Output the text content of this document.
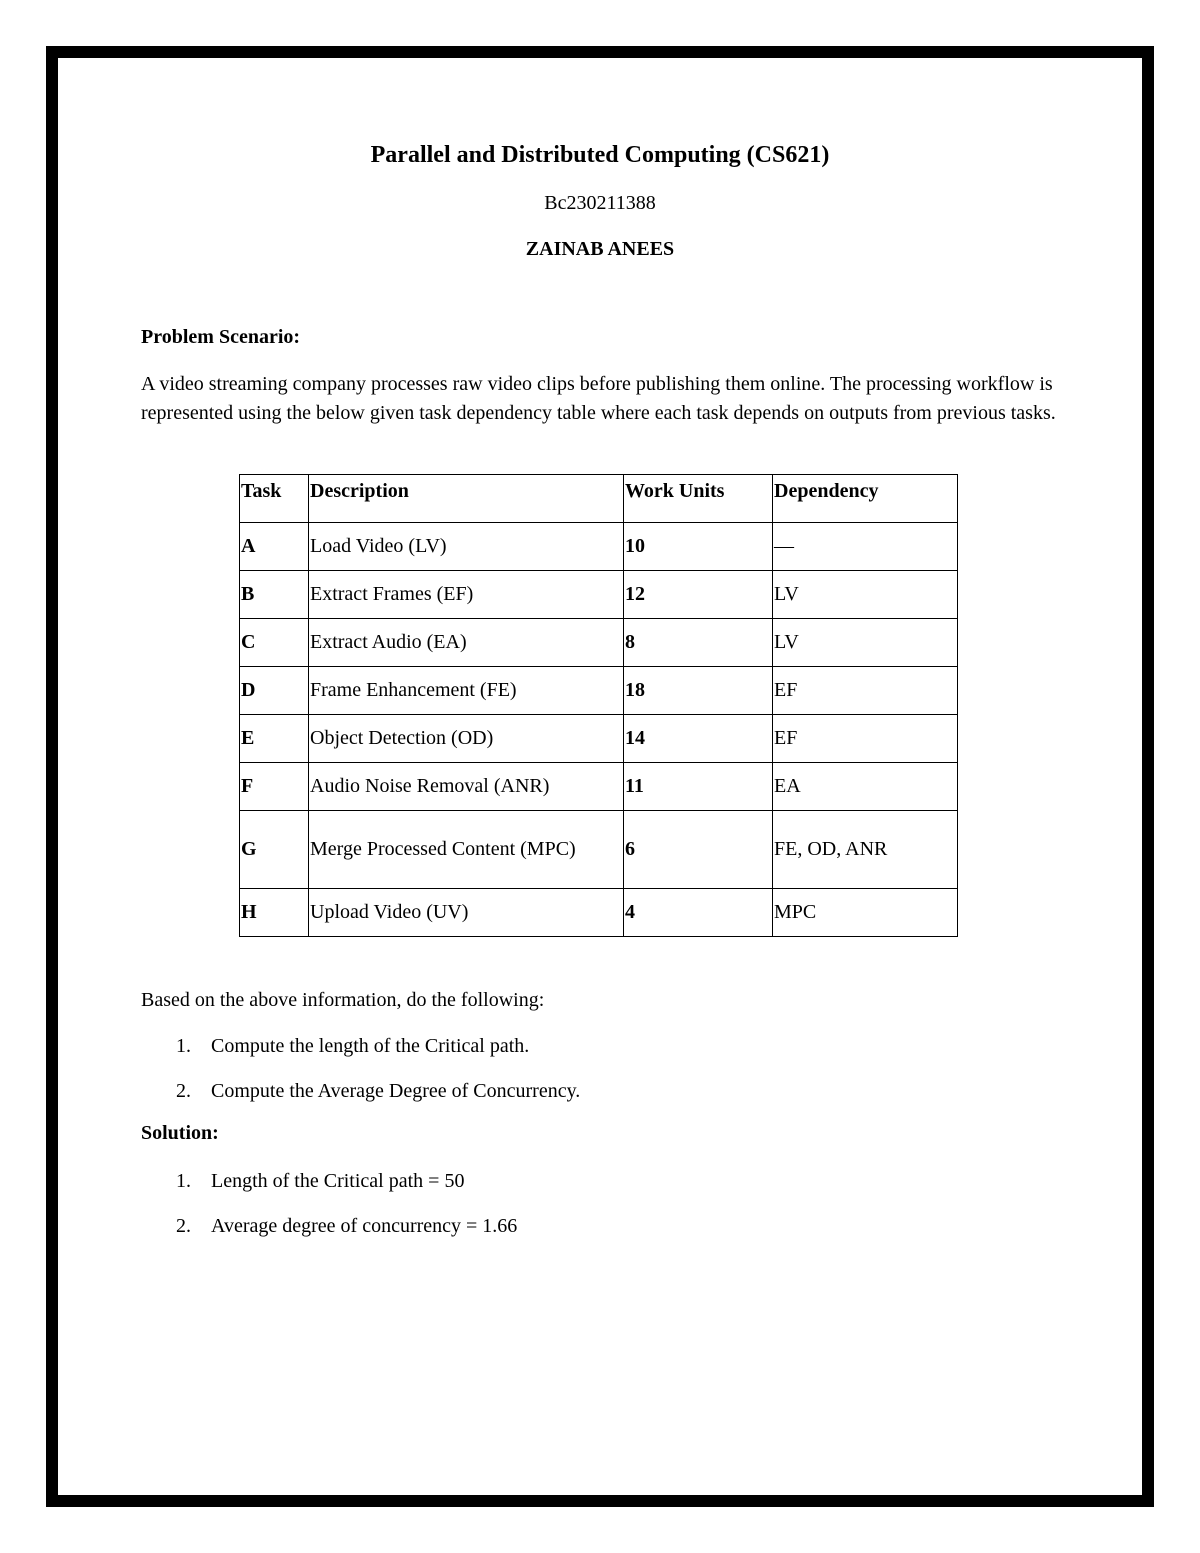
Parallel and Distributed Computing (CS621)
Bc230211388
ZAINAB ANEES
Problem Scenario:
A video streaming company processes raw video clips before publishing them online. The processing workflow is represented using the below given task dependency table where each task depends on outputs from previous tasks.
Task	Description	Work Units	Dependency
A	Load Video (LV)	10	—
B	Extract Frames (EF)	12	LV
C	Extract Audio (EA)	8	LV
D	Frame Enhancement (FE)	18	EF
E	Object Detection (OD)	14	EF
F	Audio Noise Removal (ANR)	11	EA
G	Merge Processed Content (MPC)	6	FE, OD, ANR
H	Upload Video (UV)	4	MPC
Based on the above information, do the following:
1. Compute the length of the Critical path.
2. Compute the Average Degree of Concurrency.
Solution:
1. Length of the Critical path = 50
2. Average degree of concurrency = 1.66
